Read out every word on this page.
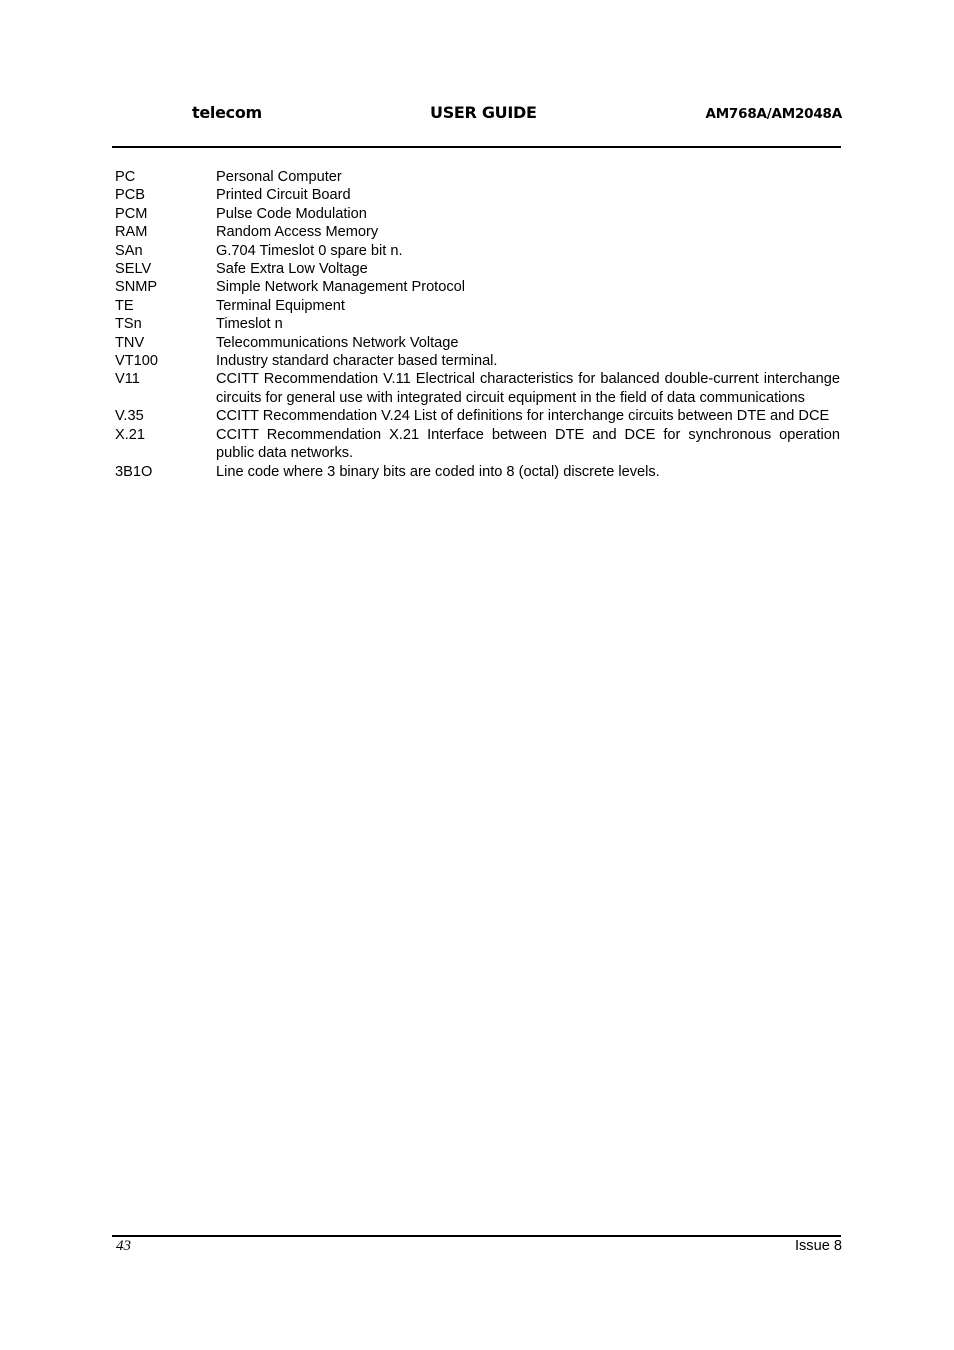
telecom	USER GUIDE	AM768A/AM2048A
PC	Personal Computer
PCB	Printed Circuit Board
PCM	Pulse Code Modulation
RAM	Random Access Memory
SAn	G.704 Timeslot 0 spare bit n.
SELV	Safe Extra Low Voltage
SNMP	Simple Network Management Protocol
TE	Terminal Equipment
TSn	Timeslot n
TNV	Telecommunications Network Voltage
VT100	Industry standard character based terminal.
V11	CCITT Recommendation V.11 Electrical characteristics for balanced double-current interchange circuits for general use with integrated circuit equipment in the field of data communications
V.35	CCITT Recommendation V.24 List of definitions for interchange circuits between DTE and DCE
X.21	CCITT Recommendation X.21 Interface between DTE and DCE for synchronous operation public data networks.
3B1O	Line code where 3 binary bits are coded into 8 (octal) discrete levels.
43	Issue 8
